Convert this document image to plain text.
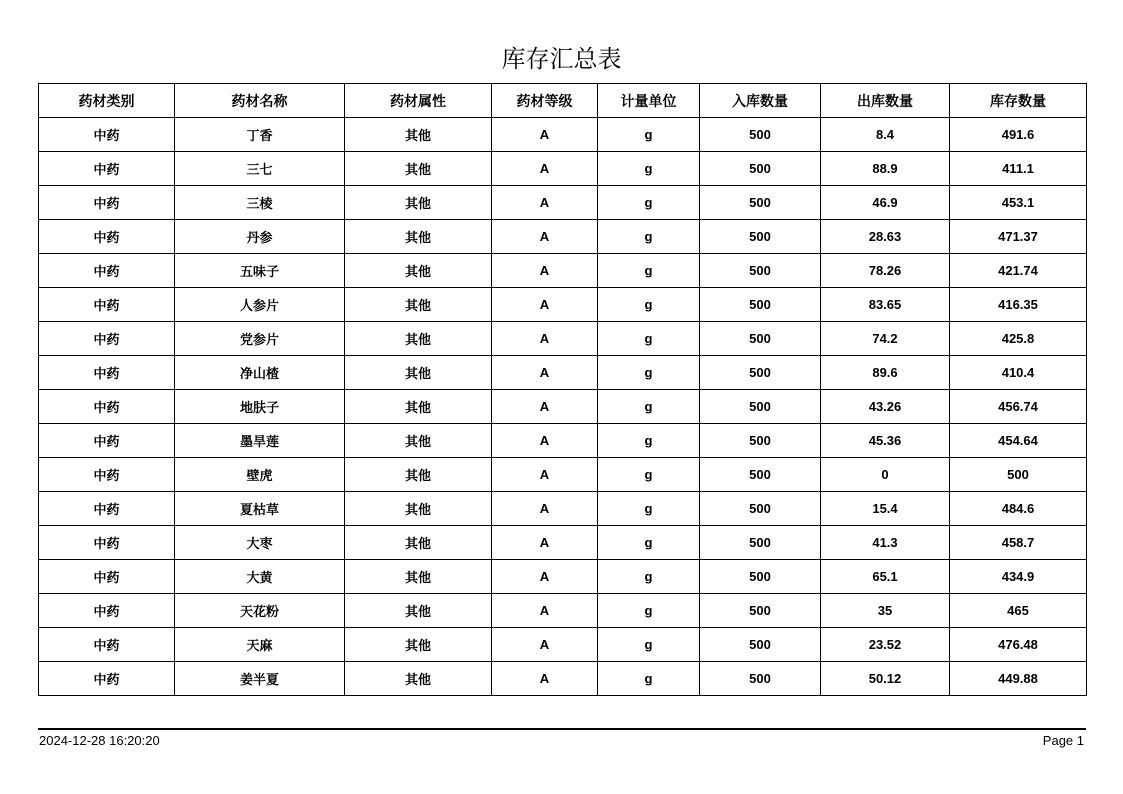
库存汇总表
药材类别	药材名称	药材属性	药材等级	计量单位	入库数量	出库数量	库存数量
中药	丁香	其他	A	g	500	8.4	491.6
中药	三七	其他	A	g	500	88.9	411.1
中药	三棱	其他	A	g	500	46.9	453.1
中药	丹参	其他	A	g	500	28.63	471.37
中药	五味子	其他	A	g	500	78.26	421.74
中药	人参片	其他	A	g	500	83.65	416.35
中药	党参片	其他	A	g	500	74.2	425.8
中药	净山楂	其他	A	g	500	89.6	410.4
中药	地肤子	其他	A	g	500	43.26	456.74
中药	墨旱莲	其他	A	g	500	45.36	454.64
中药	壁虎	其他	A	g	500	0	500
中药	夏枯草	其他	A	g	500	15.4	484.6
中药	大枣	其他	A	g	500	41.3	458.7
中药	大黄	其他	A	g	500	65.1	434.9
中药	天花粉	其他	A	g	500	35	465
中药	天麻	其他	A	g	500	23.52	476.48
中药	姜半夏	其他	A	g	500	50.12	449.88
2024-12-28 16:20:20	Page 1
